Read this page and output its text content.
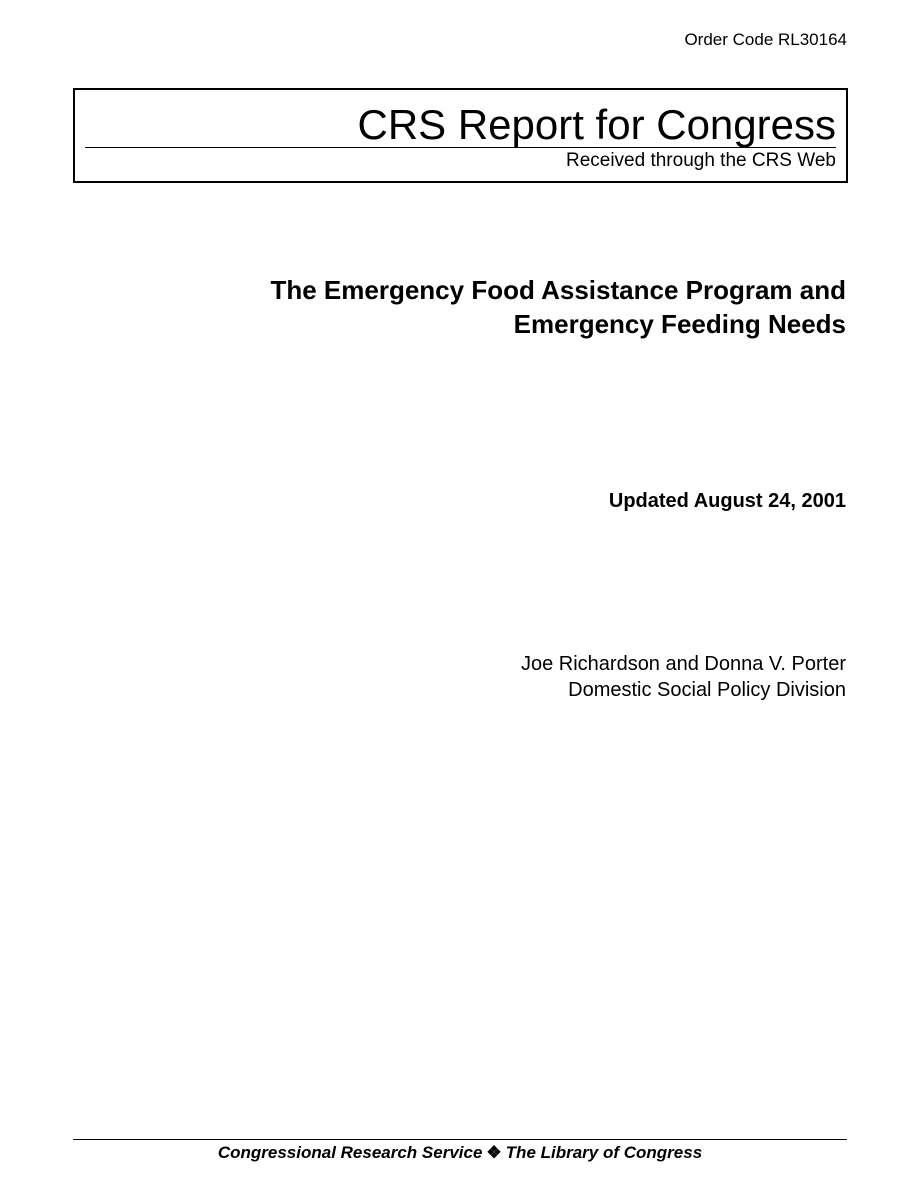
Order Code RL30164
CRS Report for Congress
Received through the CRS Web
The Emergency Food Assistance Program and
Emergency Feeding Needs
Updated August 24, 2001
Joe Richardson and Donna V. Porter
Domestic Social Policy Division
Congressional Research Service ❖ The Library of Congress
